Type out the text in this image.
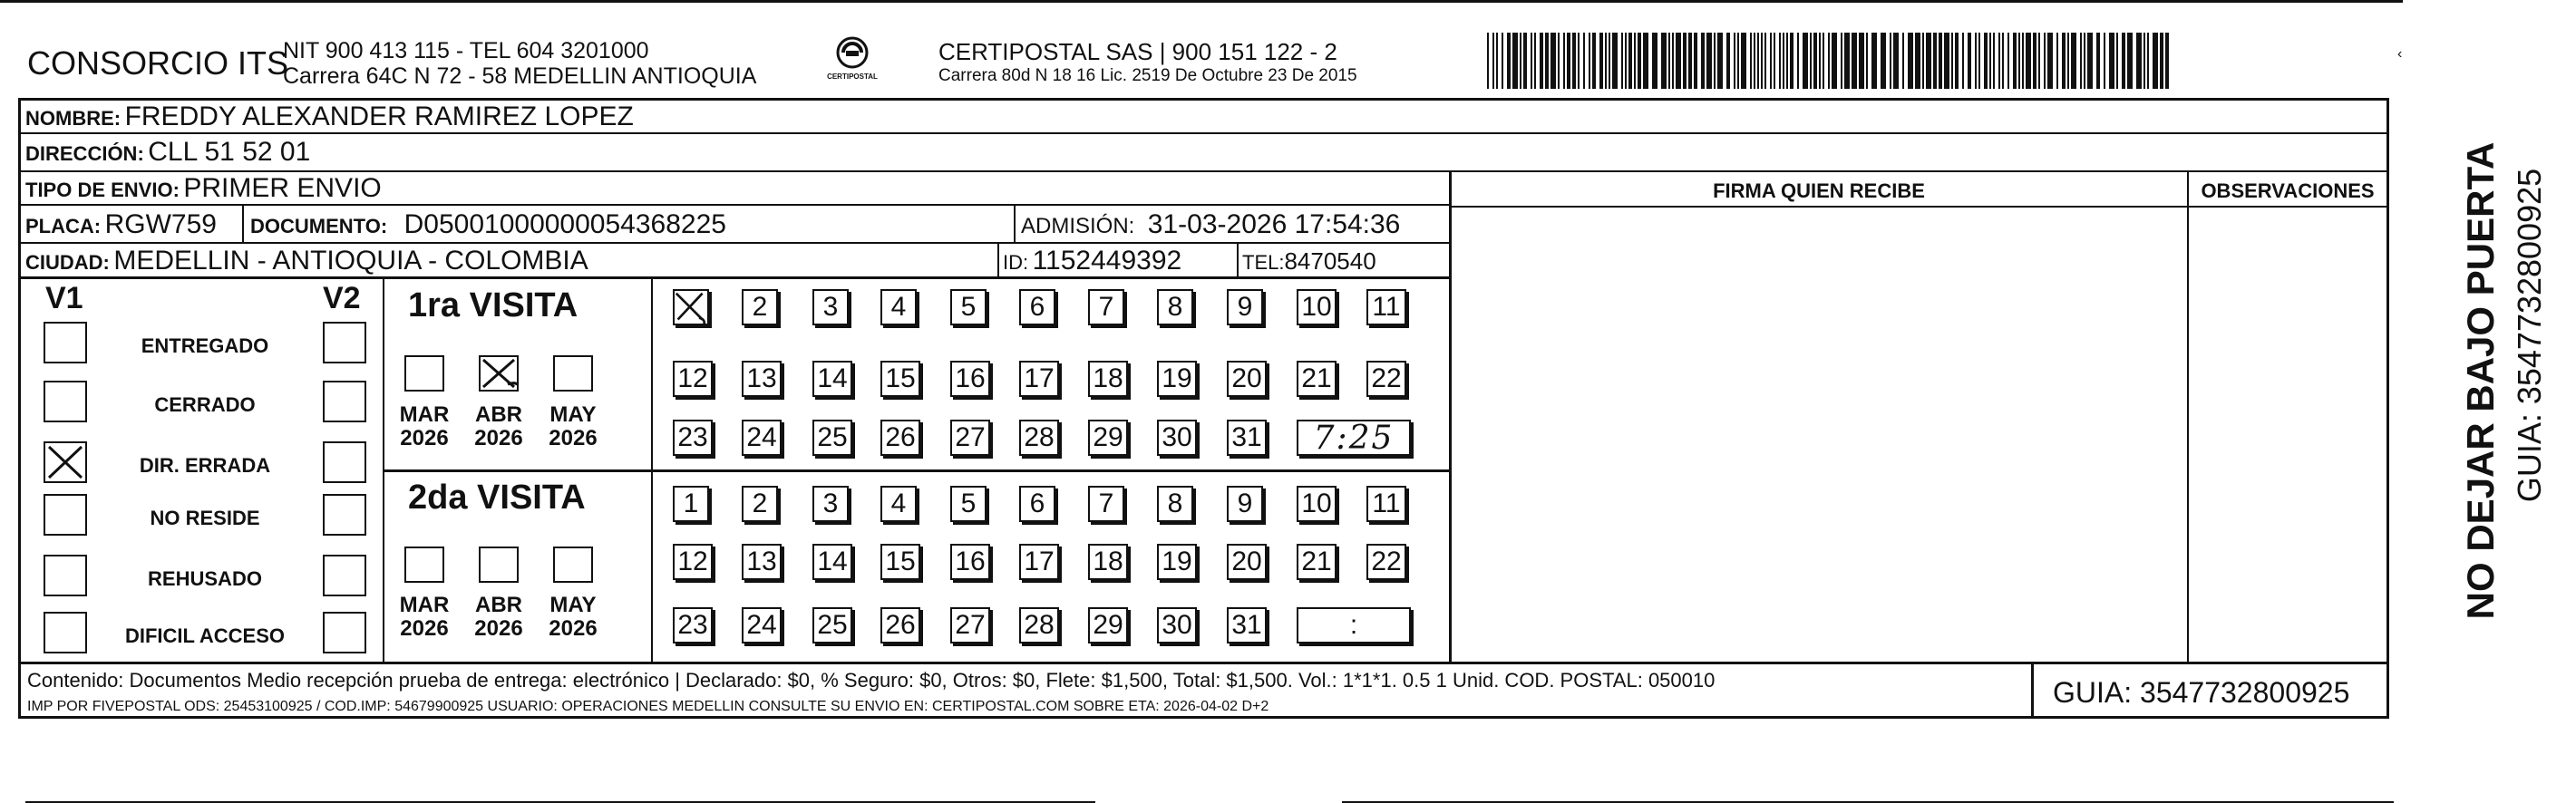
CONSORCIO ITS
NIT 900 413 115 - TEL 604 3201000
Carrera 64C N 72 - 58 MEDELLIN ANTIOQUIA	CERTIPOSTAL
CERTIPOSTAL SAS | 900 151 122 - 2
Carrera 80d N 18 16 Lic. 2519 De Octubre 23 De 2015
‹
NOMBRE: FREDDY ALEXANDER RAMIREZ LOPEZ
DIRECCIÓN: CLL 51 52 01
TIPO DE ENVIO: PRIMER ENVIO	FIRMA QUIEN RECIBE	OBSERVACIONES
PLACA: RGW759 DOCUMENTO: D05001000000054368225	ADMISIÓN: 31-03-2026 17:54:36
CIUDAD: MEDELLIN - ANTIOQUIA - COLOMBIA	ID: 1152449392	TEL:8470540
V1	V2
ENTREGADO
CERRADO
DIR. ERRADA
NO RESIDE
REHUSADO
DIFICIL ACCESO
1ra VISITA
2da VISITA
MAR
2026
ABR
2026
MAY
2026
MAR
2026
ABR
2026
MAY
2026
2	3	4	5	6	7	8	9	10 11
12 13 14 15 16 17 18 19 20 21 22
23 24 25 26 27 28 29 30 31	7:25
1	2	3	4	5	6	7	8	9	10 11
12 13 14 15 16 17 18 19 20 21 22
23 24 25 26 27 28 29 30 31	:
NO DEJAR BAJO PUERTA GUIA: 3547732800925
Contenido: Documentos Medio recepción prueba de entrega: electrónico | Declarado: $0, % Seguro: $0, Otros: $0, Flete: $1,500, Total: $1,500. Vol.: 1*1*1. 0.5 1 Unid. COD. POSTAL: 050010
IMP POR FIVEPOSTAL ODS: 25453100925 / COD.IMP: 54679900925 USUARIO: OPERACIONES MEDELLIN CONSULTE SU ENVIO EN: CERTIPOSTAL.COM SOBRE ETA: 2026-04-02 D+2	GUIA: 3547732800925
